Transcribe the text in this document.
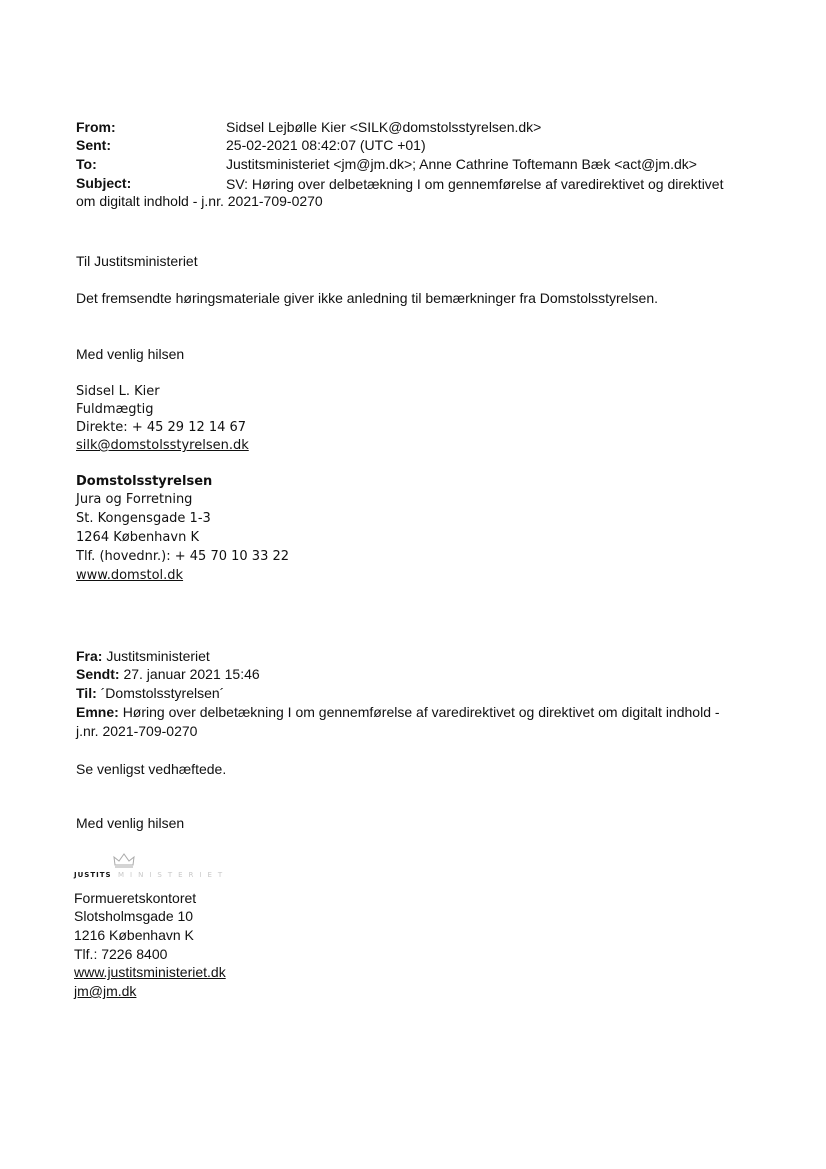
From:	Sidsel Lejbølle Kier <SILK@domstolsstyrelsen.dk>
Sent:	25-02-2021 08:42:07 (UTC +01)
To:	Justitsministeriet <jm@jm.dk>; Anne Cathrine Toftemann Bæk <act@jm.dk>
Subject:	SV: Høring over delbetækning I om gennemførelse af varedirektivet og direktivet
om digitalt indhold - j.nr. 2021-709-0270
Til Justitsministeriet
Det fremsendte høringsmateriale giver ikke anledning til bemærkninger fra Domstolsstyrelsen.
Med venlig hilsen
Sidsel L. Kier
Fuldmægtig
Direkte: + 45 29 12 14 67
silk@domstolsstyrelsen.dk
Domstolsstyrelsen
Jura og Forretning
St. Kongensgade 1-3
1264 København K
Tlf. (hovednr.): + 45 70 10 33 22
www.domstol.dk
Fra: Justitsministeriet
Sendt: 27. januar 2021 15:46
Til: ´Domstolsstyrelsen´
Emne: Høring over delbetækning I om gennemførelse af varedirektivet og direktivet om digitalt indhold -
j.nr. 2021-709-0270
Se venligst vedhæftede.
Med venlig hilsen
JUSTITS MINISTERIET
Formueretskontoret
Slotsholmsgade 10
1216 København K
Tlf.: 7226 8400
www.justitsministeriet.dk
jm@jm.dk
